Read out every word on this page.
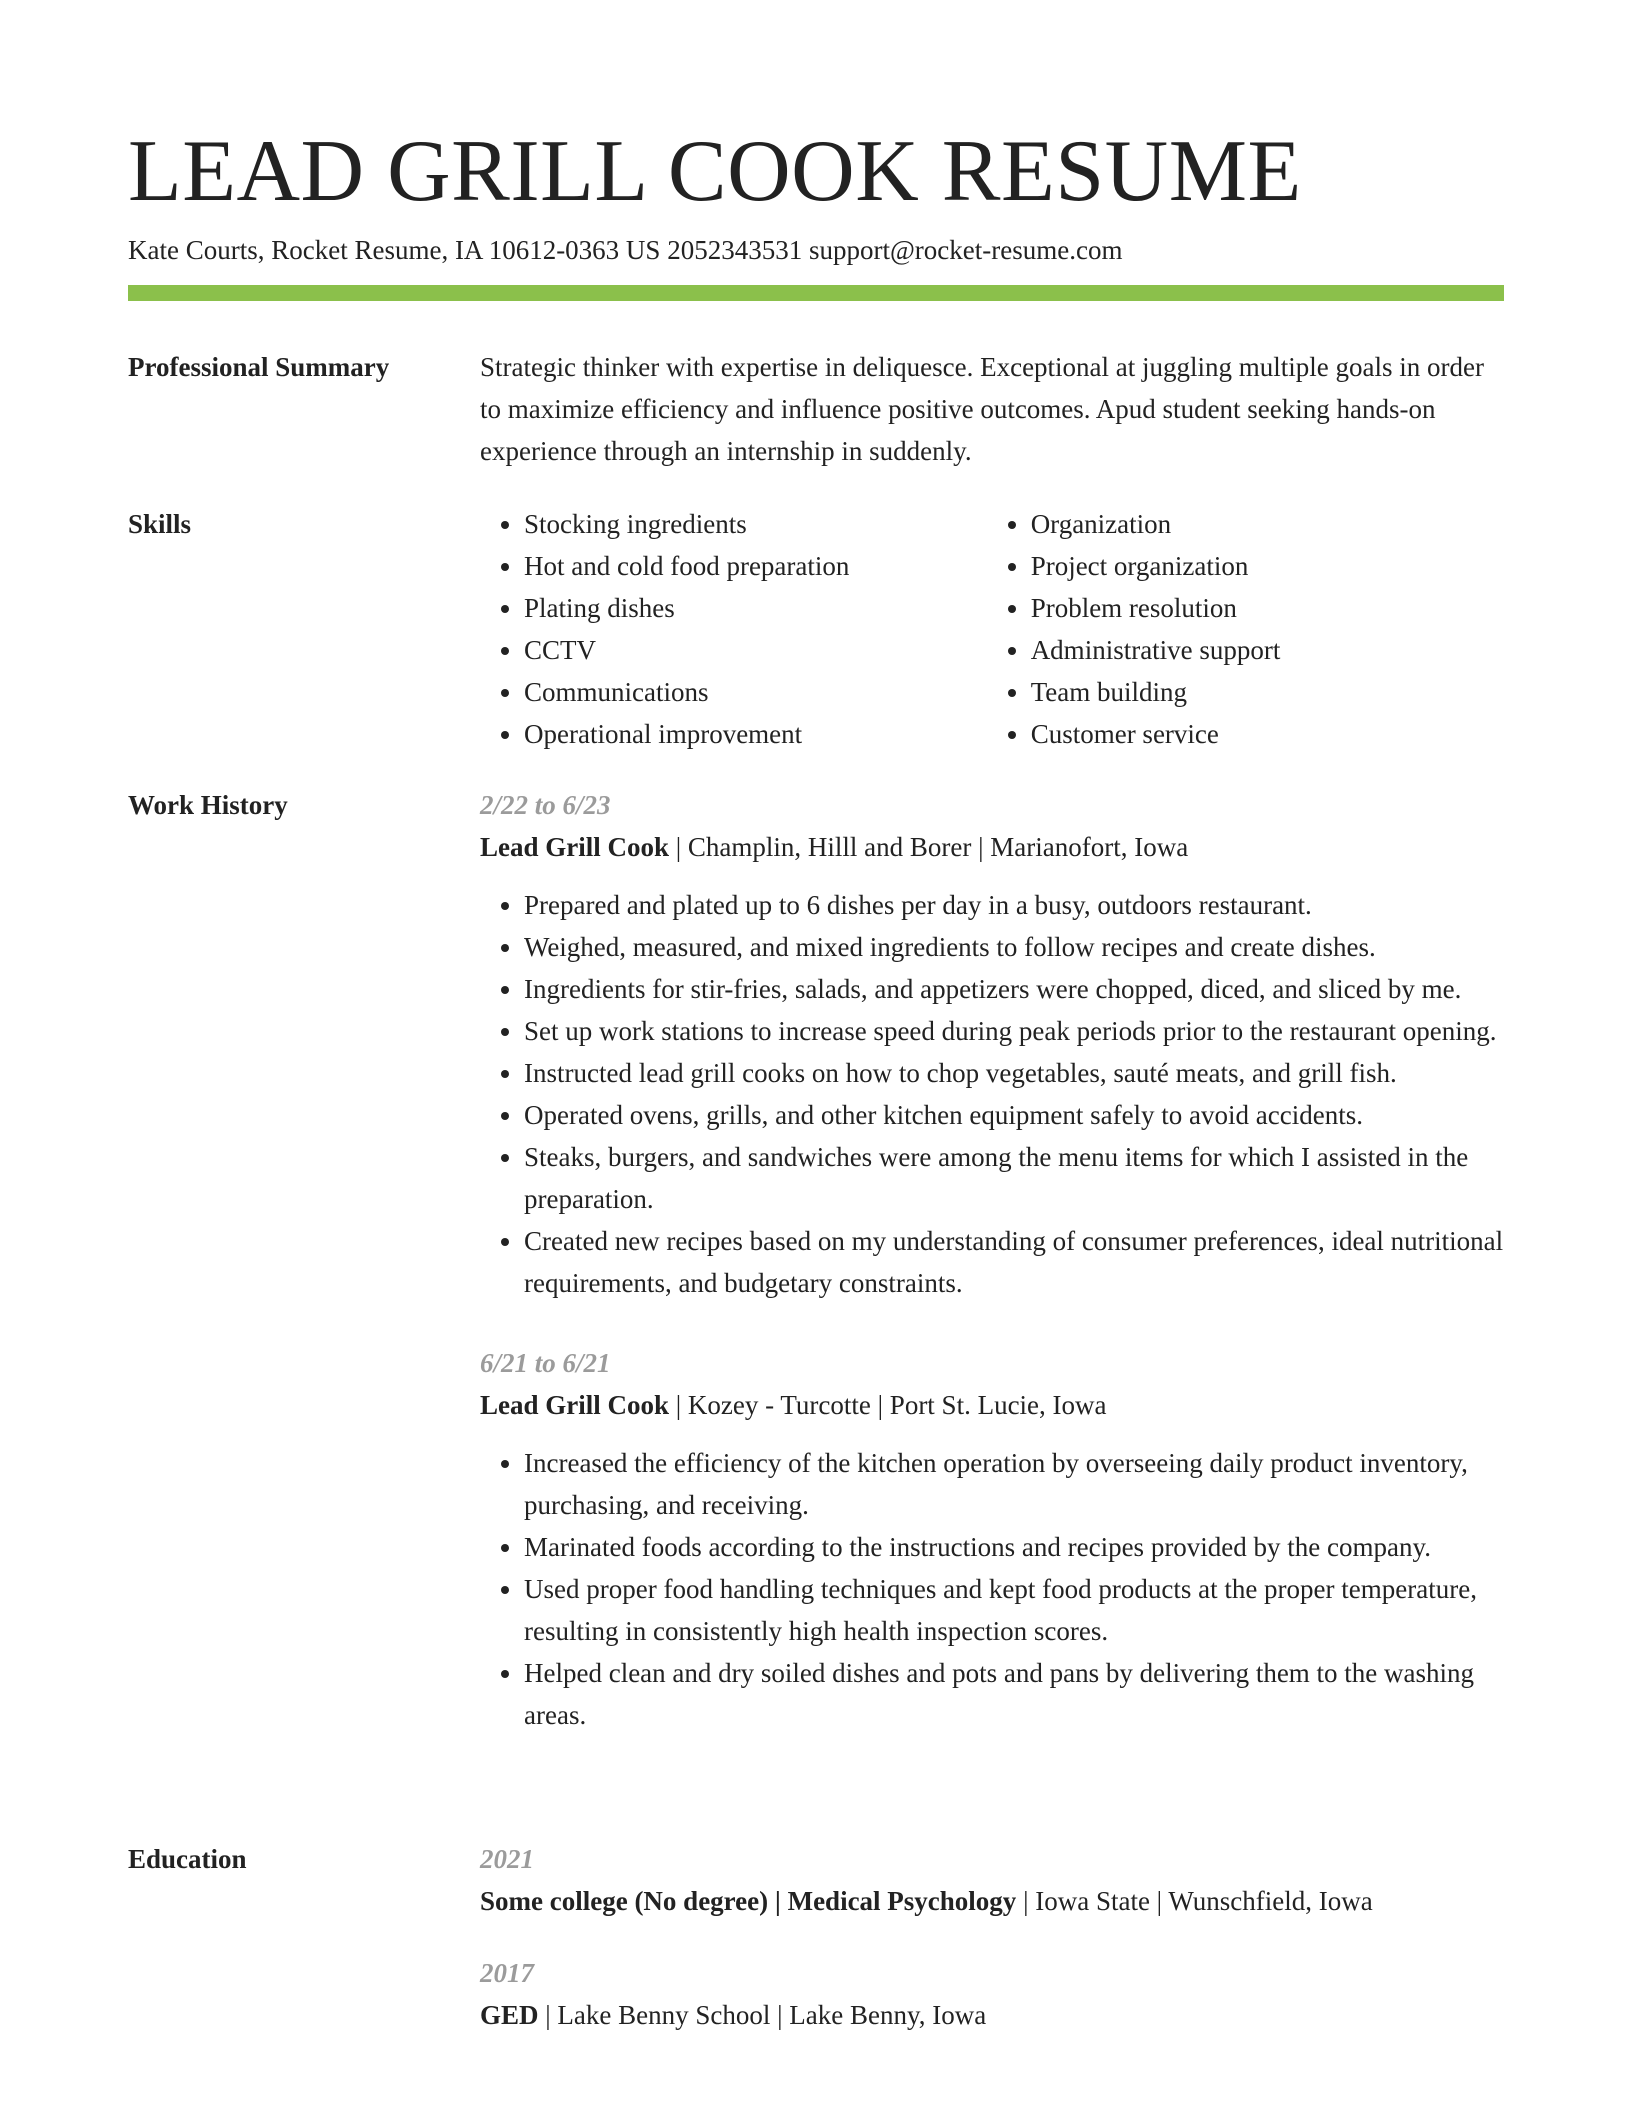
LEAD GRILL COOK RESUME
Kate Courts, Rocket Resume, IA 10612-0363 US 2052343531 support@rocket-resume.com
Professional Summary	Strategic thinker with expertise in deliquesce. Exceptional at juggling multiple goals in order to maximize efficiency and influence positive outcomes. Apud student seeking hands-on experience through an internship in suddenly.

Skills
•	Stocking ingredients
• Hot and cold food preparation
• Plating dishes
• CCTV
• Communications
• Operational improvement
• Organization
• Project organization
• Problem resolution
• Administrative support
• Team building
• Customer service
Work History	2/22 to 6/23
Lead Grill Cook | Champlin, Hilll and Borer | Marianofort, Iowa
• Prepared and plated up to 6 dishes per day in a busy, outdoors restaurant.
• Weighed, measured, and mixed ingredients to follow recipes and create dishes.
• Ingredients for stir-fries, salads, and appetizers were chopped, diced, and sliced by me.
• Set up work stations to increase speed during peak periods prior to the restaurant opening.
• Instructed lead grill cooks on how to chop vegetables, sauté meats, and grill fish.
• Operated ovens, grills, and other kitchen equipment safely to avoid accidents.
• Steaks, burgers, and sandwiches were among the menu items for which I assisted in the preparation.
• Created new recipes based on my understanding of consumer preferences, ideal nutritional requirements, and budgetary constraints.
6/21 to 6/21
Lead Grill Cook | Kozey - Turcotte | Port St. Lucie, Iowa
• Increased the efficiency of the kitchen operation by overseeing daily product inventory, purchasing, and receiving.
• Marinated foods according to the instructions and recipes provided by the company.
• Used proper food handling techniques and kept food products at the proper temperature, resulting in consistently high health inspection scores.
• Helped clean and dry soiled dishes and pots and pans by delivering them to the washing areas.
Education	2021
Some college (No degree) | Medical Psychology | Iowa State | Wunschfield, Iowa
2017
GED | Lake Benny School | Lake Benny, Iowa
